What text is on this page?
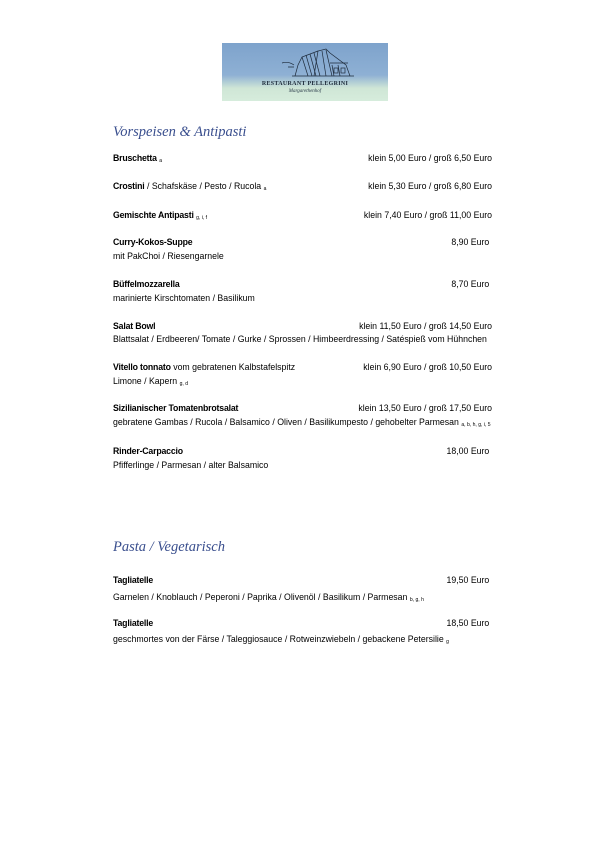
RESTAURANT PELLEGRINI
Margarethenhof
Vorspeisen & Antipasti
Bruschetta $_a$	klein 5,00 Euro / groß 6,50 Euro
Crostini / Schafskäse / Pesto / Rucola $_a$	klein 5,30 Euro / groß 6,80 Euro
Gemischte Antipasti $_{g, i, f}$	klein 7,40 Euro / groß 11,00 Euro
Curry-Kokos-Suppe	8,90 Euro
mit PakChoi / Riesengarnele
Büffelmozzarella	8,70 Euro
marinierte Kirschtomaten / Basilikum
Salat Bowl	klein 11,50 Euro / groß 14,50 Euro
Blattsalat / Erdbeeren/ Tomate / Gurke / Sprossen / Himbeerdressing / Satéspieß vom Hühnchen
Vitello tonnato vom gebratenen Kalbstafelspitz	klein 6,90 Euro / groß 10,50 Euro
Limone / Kapern $_{g, d}$
Sizilianischer Tomatenbrotsalat	klein 13,50 Euro / groß 17,50 Euro
gebratene Gambas / Rucola / Balsamico / Oliven / Basilikumpesto / gehobelter Parmesan $_{a, b, h, g, i, 5}$
Rinder-Carpaccio	18,00 Euro
Pfifferlinge / Parmesan / alter Balsamico
Pasta / Vegetarisch
Tagliatelle	19,50 Euro
Garnelen / Knoblauch / Peperoni / Paprika / Olivenöl / Basilikum / Parmesan $_{b, g, h}$
Tagliatelle	18,50 Euro
geschmortes von der Färse / Taleggiosauce / Rotweinzwiebeln / gebackene Petersilie $_g$
